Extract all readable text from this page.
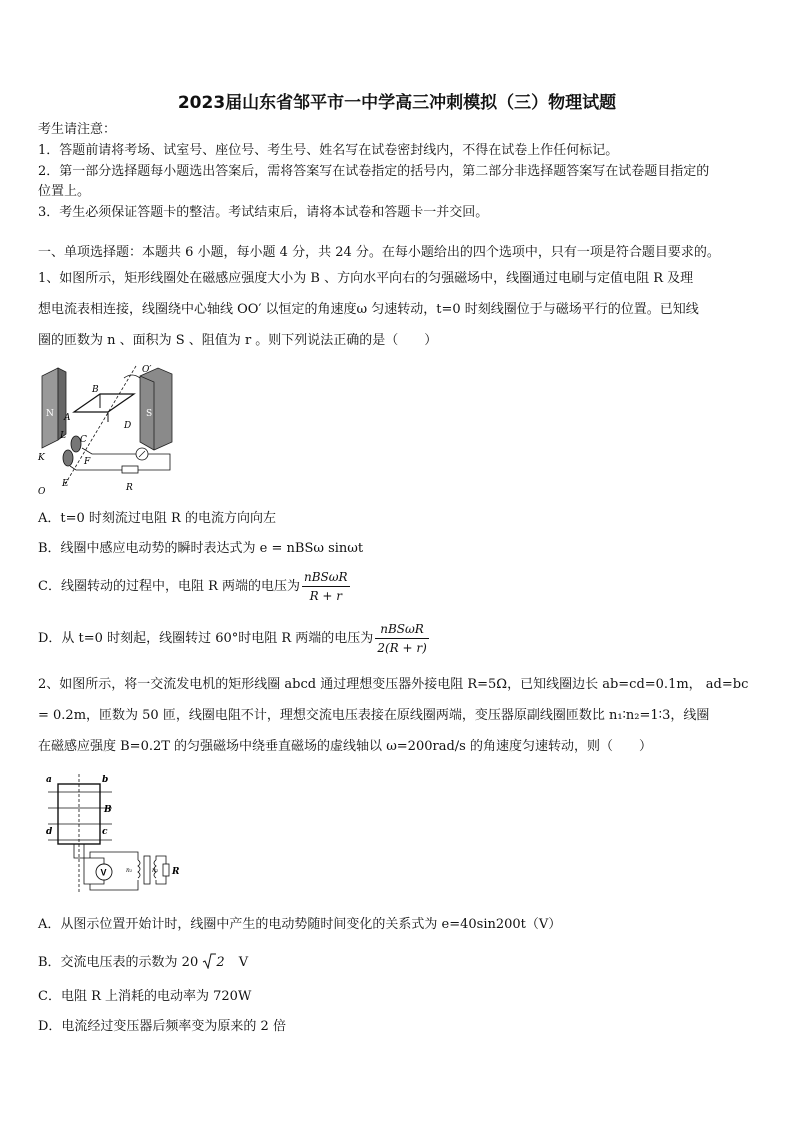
2023届山东省邹平市一中学高三冲刺模拟（三）物理试题
考生请注意：
1．答题前请将考场、试室号、座位号、考生号、姓名写在试卷密封线内，不得在试卷上作任何标记。
2．第一部分选择题每小题选出答案后，需将答案写在试卷指定的括号内，第二部分非选择题答案写在试卷题目指定的
位置上。
3．考生必须保证答题卡的整洁。考试结束后，请将本试卷和答题卡一并交回。
一、单项选择题：本题共 6 小题，每小题 4 分，共 24 分。在每小题给出的四个选项中，只有一项是符合题目要求的。
1、如图所示，矩形线圈处在磁感应强度大小为 B 、方向水平向右的匀强磁场中，线圈通过电刷与定值电阻 R 及理
想电流表相连接，线圈绕中心轴线 OO′ 以恒定的角速度ω 匀速转动，t=0 时刻线圈位于与磁场平行的位置。已知线
圈的匝数为 n 、面积为 S 、阻值为 r 。则下列说法正确的是（　　）
B
O′
N A	S
D
L C
K	F
O
E	R
A．t=0 时刻流过电阻 R 的电流方向向左
B．线圈中感应电动势的瞬时表达式为 e = nBSω sinωt
C．线圈转动的过程中，电阻 R 两端的电压为 $\frac{\text{nBSωR}}{R + r}$
D．从 t=0 时刻起，线圈转过 60°时电阻 R 两端的电压为 $\frac{\text{nBSωR}}{2(R + r)}$
2、如图所示，将一交流发电机的矩形线圈 abcd 通过理想变压器外接电阻 R=5Ω，已知线圈边长 ab=cd=0.1m， ad=bc
= 0.2m，匝数为 50 匝，线圈电阻不计，理想交流电压表接在原线圈两端，变压器原副线圈匝数比 n₁∶n₂=1∶3，线圈
在磁感应强度 B=0.2T 的匀强磁场中绕垂直磁场的虚线轴以 ω=200rad/s 的角速度匀速转动，则（　　）
V
a	b
B
d	c
n₁	n₂ R
A．从图示位置开始计时，线圈中产生的电动势随时间变化的关系式为 e=40sin200t（V）
B．交流电压表的示数为 20 2 V
C．电阻 R 上消耗的电动率为 720W
D．电流经过变压器后频率变为原来的 2 倍
